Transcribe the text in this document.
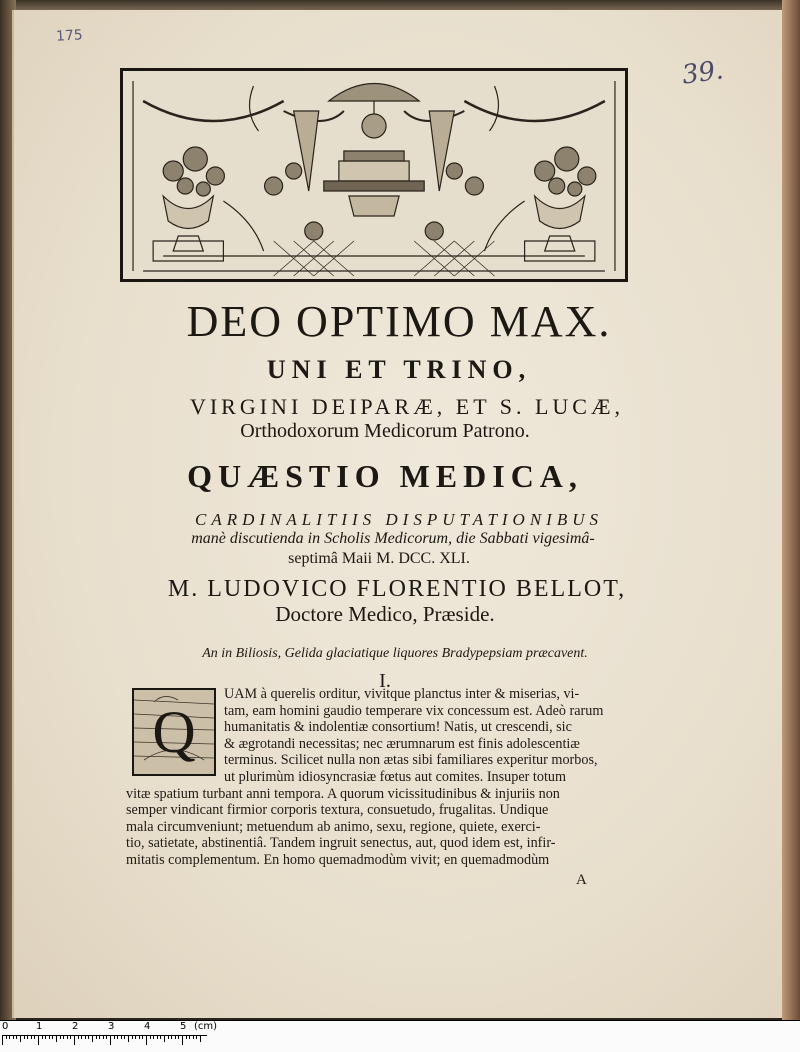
175
39.
DEO OPTIMO MAX.
UNI ET TRINO,
VIRGINI DEIPARÆ, ET S. LUCÆ,
Orthodoxorum Medicorum Patrono.
QUÆSTIO MEDICA,
CARDINALITIIS DISPUTATIONIBUS
manè discutienda in Scholis Medicorum, die Sabbati vigesimâ-
septimâ Maii M. DCC. XLI.
M. LUDOVICO FLORENTIO BELLOT,
Doctore Medico, Præside.
An in Biliosis, Gelida glaciatique liquores Bradypepsiam præcavent.
I.
Q
UAM à querelis orditur, vivitque planctus inter & miserias, vi-
tam, eam homini gaudio temperare vix concessum est. Adeò rarum
humanitatis & indolentiæ consortium! Natis, ut crescendi, sic
& ægrotandi necessitas; nec ærumnarum est finis adolescentiæ
terminus. Scilicet nulla non ætas sibi familiares experitur morbos,
ut plurimùm idiosyncrasiæ fœtus aut comites. Insuper totum
vitæ spatium turbant anni tempora. A quorum vicissitudinibus & injuriis non
semper vindicant firmior corporis textura, consuetudo, frugalitas. Undique
mala circumveniunt; metuendum ab animo, sexu, regione, quiete, exerci-
tio, satietate, abstinentiâ. Tandem ingruit senectus, aut, quod idem est, infir-
mitatis complementum. En homo quemadmodùm vivit; en quemadmodùm
A
0	1	2	3	4	5 (cm)
